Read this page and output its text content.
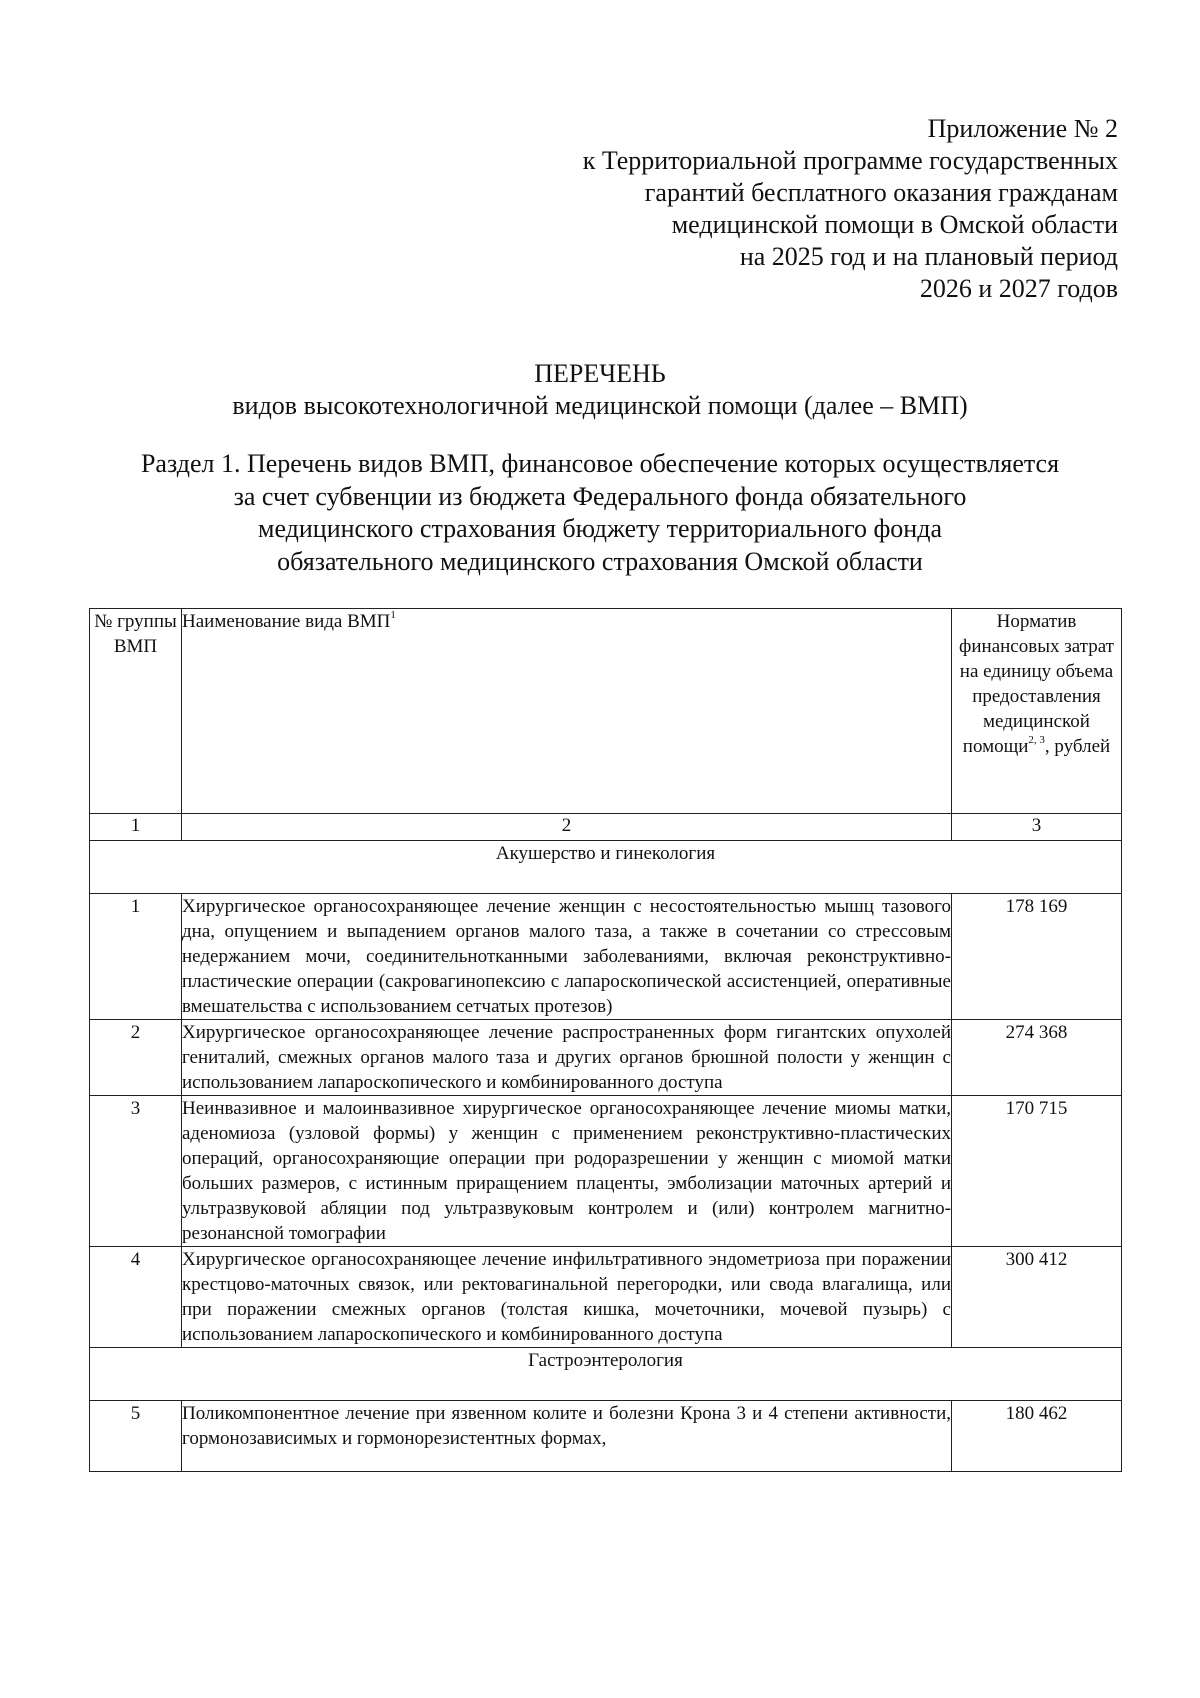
Приложение № 2
к Территориальной программе государственных
гарантий бесплатного оказания гражданам
медицинской помощи в Омской области
на 2025 год и на плановый период
2026 и 2027 годов
ПЕРЕЧЕНЬ
видов высокотехнологичной медицинской помощи (далее – ВМП)
Раздел 1. Перечень видов ВМП, финансовое обеспечение которых осуществляется
за счет субвенции из бюджета Федерального фонда обязательного
медицинского страхования бюджету территориального фонда
обязательного медицинского страхования Омской области
№ группы ВМП	Наименование вида ВМП$^1$	Норматив финансовых затрат на единицу объема предоставления медицинской помощи$^{2, 3}$, рублей
1	2	3
Акушерство и гинекология		
1	Хирургическое органосохраняющее лечение женщин с несостоятельностью мышц тазового дна, опущением и выпадением органов малого таза, а также в сочетании со стрессовым недержанием мочи, соединительнотканными заболеваниями, включая реконструктивно-пластические операции (сакровагинопексию с лапароскопической ассистенцией, оперативные вмешательства с использованием сетчатых протезов)	178 169
2	Хирургическое органосохраняющее лечение распространенных форм гигантских опухолей гениталий, смежных органов малого таза и других органов брюшной полости у женщин с использованием лапароскопического и комбинированного доступа	274 368
3	Неинвазивное и малоинвазивное хирургическое органосохраняющее лечение миомы матки, аденомиоза (узловой формы) у женщин с применением реконструктивно-пластических операций, органосохраняющие операции при родоразрешении у женщин с миомой матки больших размеров, с истинным приращением плаценты, эмболизации маточных артерий и ультразвуковой абляции под ультразвуковым контролем и (или) контролем магнитно-резонансной томографии	170 715
4	Хирургическое органосохраняющее лечение инфильтративного эндометриоза при поражении крестцово-маточных связок, или ректовагинальной перегородки, или свода влагалища, или при поражении смежных органов (толстая кишка, мочеточники, мочевой пузырь) с использованием лапароскопического и комбинированного доступа	300 412
Гастроэнтерология		
5	Поликомпонентное лечение при язвенном колите и болезни Крона 3 и 4 степени активности, гормонозависимых и гормонорезистентных формах,	180 462
